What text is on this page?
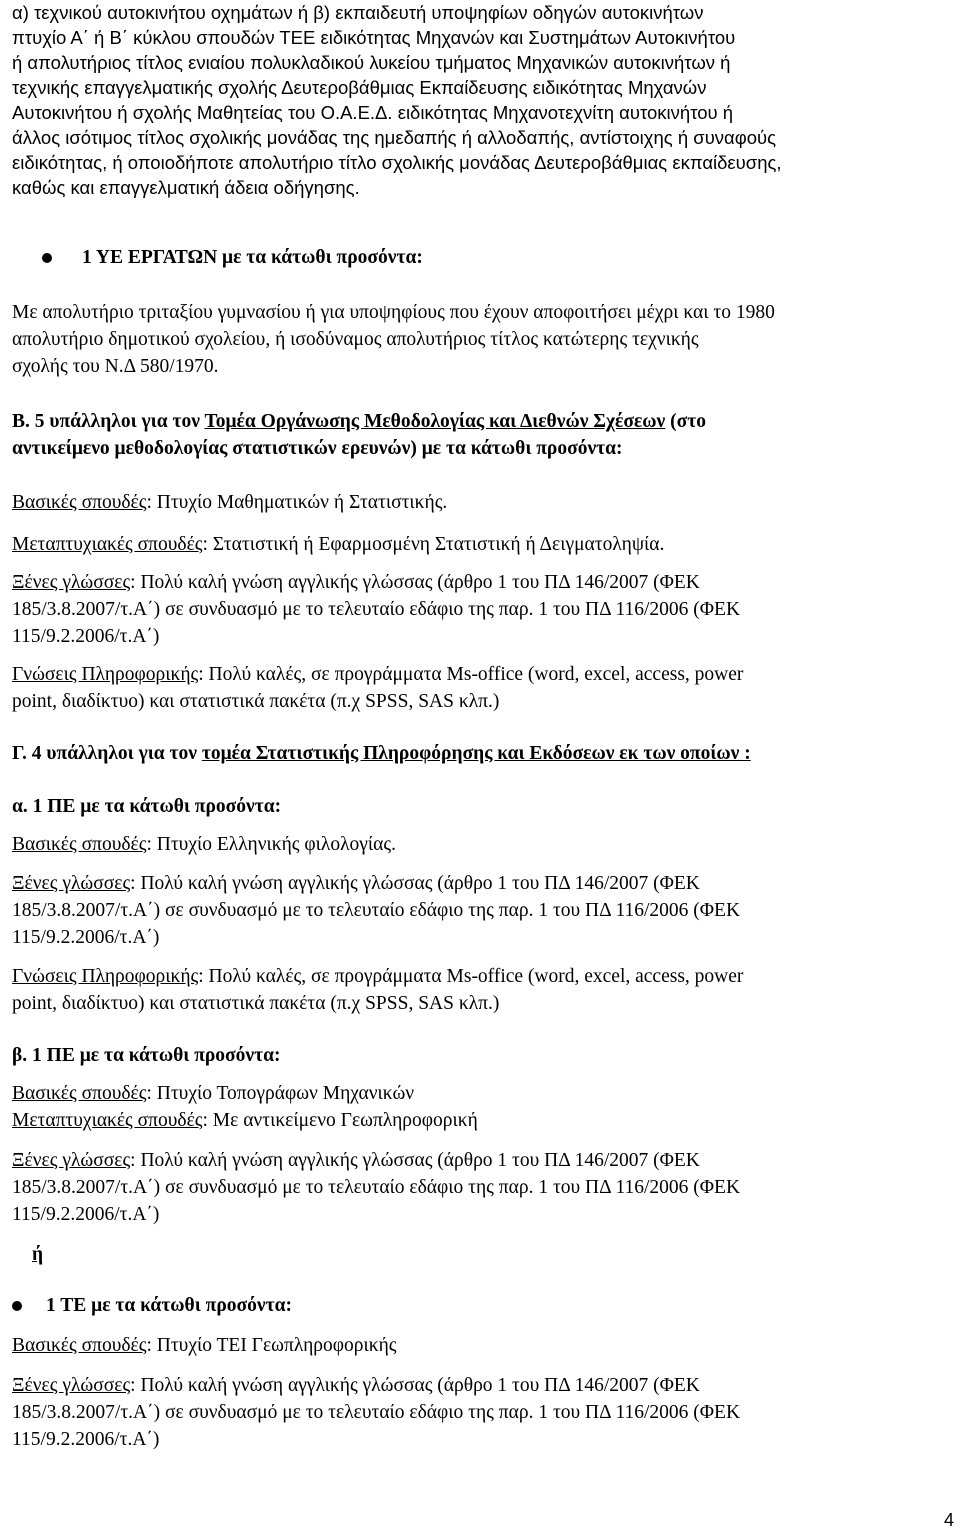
α) τεχνικού αυτοκινήτου οχημάτων ή β) εκπαιδευτή υποψηφίων οδηγών αυτοκινήτων
πτυχίο Α΄ ή Β΄ κύκλου σπουδών ΤΕΕ ειδικότητας Μηχανών και Συστημάτων Αυτοκινήτου
ή απολυτήριος τίτλος ενιαίου πολυκλαδικού λυκείου τμήματος Μηχανικών αυτοκινήτων ή
τεχνικής επαγγελματικής σχολής Δευτεροβάθμιας Εκπαίδευσης ειδικότητας Μηχανών
Αυτοκινήτου ή σχολής Μαθητείας του Ο.Α.Ε.Δ. ειδικότητας Μηχανοτεχνίτη αυτοκινήτου ή
άλλος ισότιμος τίτλος σχολικής μονάδας της ημεδαπής ή αλλοδαπής, αντίστοιχης ή συναφούς
ειδικότητας, ή οποιοδήποτε απολυτήριο τίτλο σχολικής μονάδας Δευτεροβάθμιας εκπαίδευσης,
καθώς και επαγγελματική άδεια οδήγησης.
1 ΥΕ ΕΡΓΑΤΩΝ με τα κάτωθι προσόντα:
Με απολυτήριο τριταξίου γυμνασίου ή για υποψηφίους που έχουν αποφοιτήσει μέχρι και το 1980
απολυτήριο δημοτικού σχολείου, ή ισοδύναμος απολυτήριος τίτλος κατώτερης τεχνικής
σχολής του Ν.Δ 580/1970.
Β. 5 υπάλληλοι για τον Τομέα Οργάνωσης Μεθοδολογίας και Διεθνών Σχέσεων (στο
αντικείμενο μεθοδολογίας στατιστικών ερευνών) με τα κάτωθι προσόντα:
Βασικές σπουδές: Πτυχίο Μαθηματικών ή Στατιστικής.
Μεταπτυχιακές σπουδές: Στατιστική ή Εφαρμοσμένη Στατιστική ή Δειγματοληψία.
Ξένες γλώσσες: Πολύ καλή γνώση αγγλικής γλώσσας (άρθρο 1 του ΠΔ 146/2007 (ΦΕΚ
185/3.8.2007/τ.Α΄) σε συνδυασμό με το τελευταίο εδάφιο της παρ. 1 του ΠΔ 116/2006 (ΦΕΚ
115/9.2.2006/τ.Α΄)
Γνώσεις Πληροφορικής: Πολύ καλές, σε προγράμματα Ms-office (word, excel, access, power
point, διαδίκτυο) και στατιστικά πακέτα (π.χ SPSS, SAS κλπ.)
Γ. 4 υπάλληλοι για τον τομέα Στατιστικής Πληροφόρησης και Εκδόσεων εκ των οποίων :
α. 1 ΠΕ με τα κάτωθι προσόντα:
Βασικές σπουδές: Πτυχίο Ελληνικής φιλολογίας.
Ξένες γλώσσες: Πολύ καλή γνώση αγγλικής γλώσσας (άρθρο 1 του ΠΔ 146/2007 (ΦΕΚ
185/3.8.2007/τ.Α΄) σε συνδυασμό με το τελευταίο εδάφιο της παρ. 1 του ΠΔ 116/2006 (ΦΕΚ
115/9.2.2006/τ.Α΄)
Γνώσεις Πληροφορικής: Πολύ καλές, σε προγράμματα Ms-office (word, excel, access, power
point, διαδίκτυο) και στατιστικά πακέτα (π.χ SPSS, SAS κλπ.)
β. 1 ΠΕ με τα κάτωθι προσόντα:
Βασικές σπουδές: Πτυχίο Τοπογράφων Μηχανικών
Μεταπτυχιακές σπουδές: Με αντικείμενο Γεωπληροφορική
Ξένες γλώσσες: Πολύ καλή γνώση αγγλικής γλώσσας (άρθρο 1 του ΠΔ 146/2007 (ΦΕΚ
185/3.8.2007/τ.Α΄) σε συνδυασμό με το τελευταίο εδάφιο της παρ. 1 του ΠΔ 116/2006 (ΦΕΚ
115/9.2.2006/τ.Α΄)
ή
1 ΤΕ με τα κάτωθι προσόντα:
Βασικές σπουδές: Πτυχίο ΤΕΙ Γεωπληροφορικής
Ξένες γλώσσες: Πολύ καλή γνώση αγγλικής γλώσσας (άρθρο 1 του ΠΔ 146/2007 (ΦΕΚ
185/3.8.2007/τ.Α΄) σε συνδυασμό με το τελευταίο εδάφιο της παρ. 1 του ΠΔ 116/2006 (ΦΕΚ
115/9.2.2006/τ.Α΄)
4
